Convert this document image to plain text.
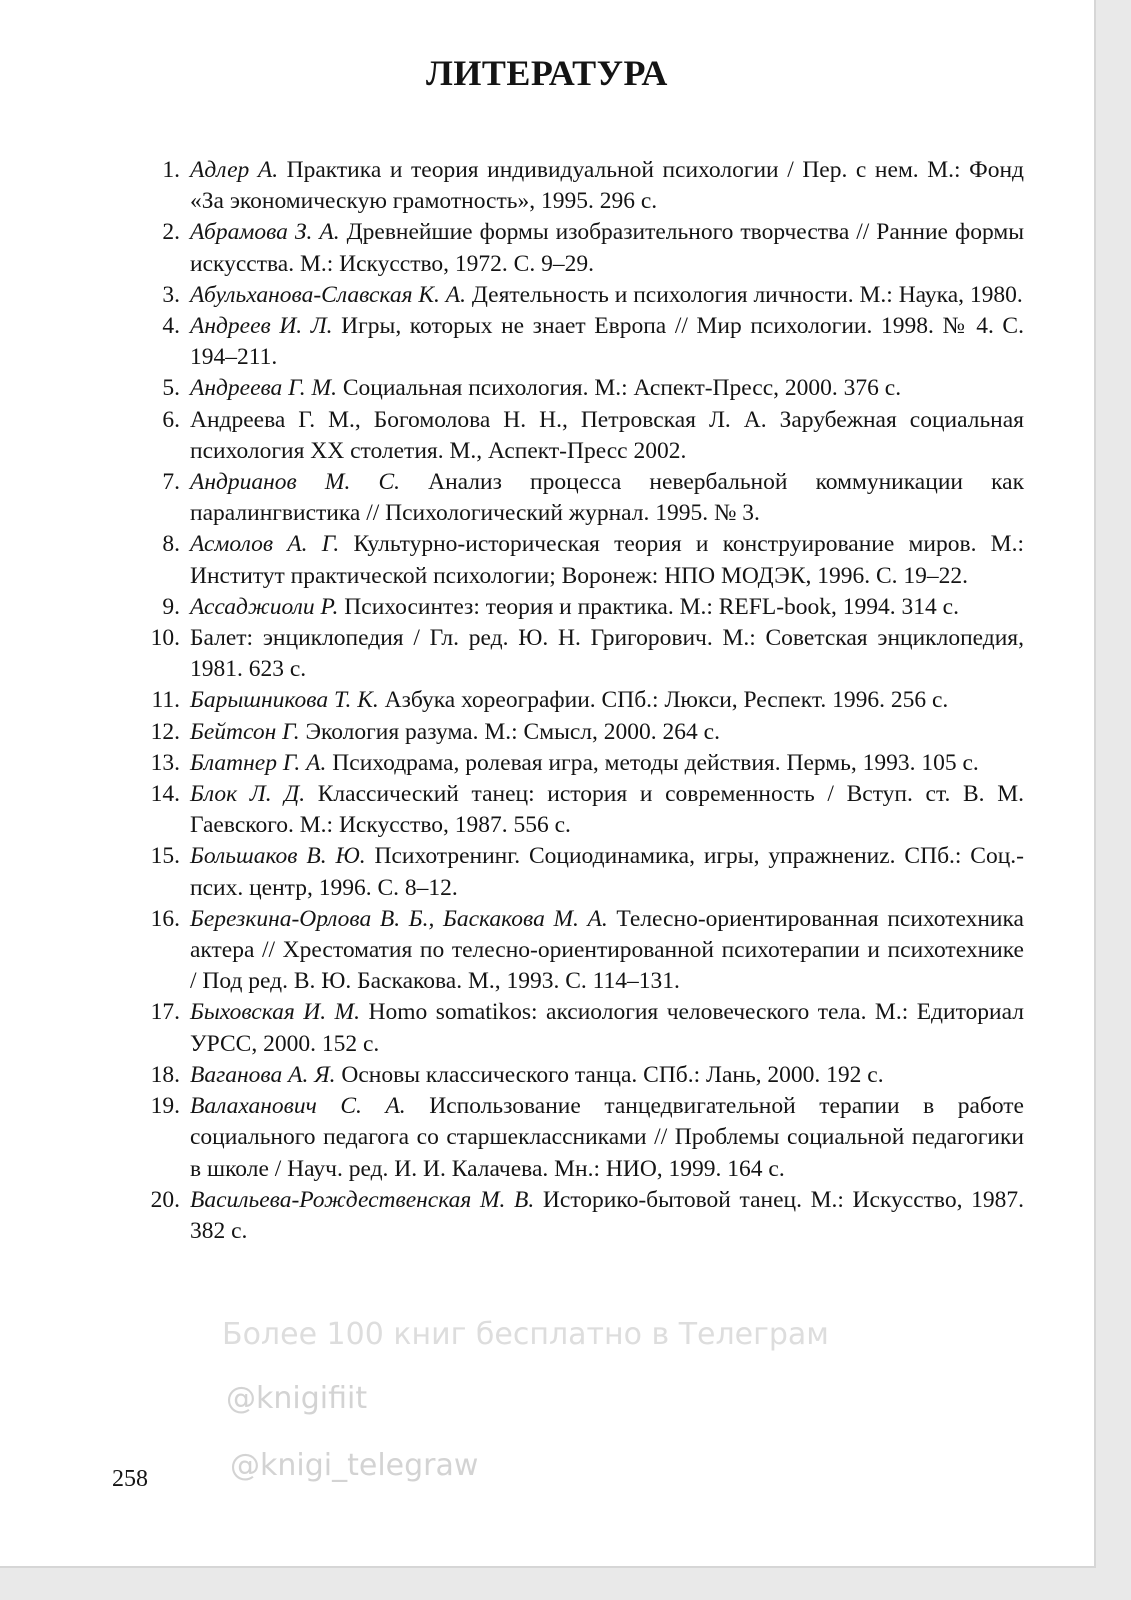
ЛИТЕРАТУРА
1. Адлер А. Практика и теория индивидуальной психологии / Пер. с нем. М.: Фонд «За экономическую грамотность», 1995. 296 с.
2. Абрамова З. А. Древнейшие формы изобразительного творчества // Ранние формы искусства. М.: Искусство, 1972. С. 9–29.
3. Абульханова-Славская К. А. Деятельность и психология личности. М.: Наука, 1980.
4. Андреев И. Л. Игры, которых не знает Европа // Мир психологии. 1998. № 4. С. 194–211.
5. Андреева Г. М. Социальная психология. М.: Аспект-Пресс, 2000. 376 с.
6. Андреева Г. М., Богомолова Н. Н., Петровская Л. А. Зарубежная социальная психология XX столетия. М., Аспект-Пресс 2002.
7. Андрианов М. С. Анализ процесса невербальной коммуникации как паралингвистика // Психологический журнал. 1995. № 3.
8. Асмолов А. Г. Культурно-историческая теория и конструирование миров. М.: Институт практической психологии; Воронеж: НПО МОДЭК, 1996. С. 19–22.
9. Ассаджиоли Р. Психосинтез: теория и практика. М.: REFL-book, 1994. 314 с.
10. Балет: энциклопедия / Гл. ред. Ю. Н. Григорович. М.: Советская энциклопедия, 1981. 623 с.
11. Барышникова Т. К. Азбука хореографии. СПб.: Люкси, Респект. 1996. 256 с.
12. Бейтсон Г. Экология разума. М.: Смысл, 2000. 264 с.
13. Блатнер Г. А. Психодрама, ролевая игра, методы действия. Пермь, 1993. 105 с.
14. Блок Л. Д. Классический танец: история и современность / Вступ. ст. В. М. Гаевского. М.: Искусство, 1987. 556 с.
15. Большаков В. Ю. Психотренинг. Социодинамика, игры, упражнениz. СПб.: Соц.-псих. центр, 1996. С. 8–12.
16. Березкина-Орлова В. Б., Баскакова М. А. Телесно-ориентированная психотехника актера // Хрестоматия по телесно-ориентированной психотерапии и психотехнике / Под ред. В. Ю. Баскакова. М., 1993. С. 114–131.
17. Быховская И. М. Homo somatikos: аксиология человеческого тела. М.: Едиториал УРСС, 2000. 152 с.
18. Ваганова А. Я. Основы классического танца. СПб.: Лань, 2000. 192 с.
19. Валаханович С. А. Использование танцедвигательной терапии в работе социального педагога со старшеклассниками // Проблемы социальной педагогики в школе / Науч. ред. И. И. Калачева. Мн.: НИО, 1999. 164 с.
20. Васильева-Рождественская М. В. Историко-бытовой танец. М.: Искусство, 1987. 382 с.
Более 100 книг бесплатно в Телеграм
@knigifiit
@knigi_telegraw
258
